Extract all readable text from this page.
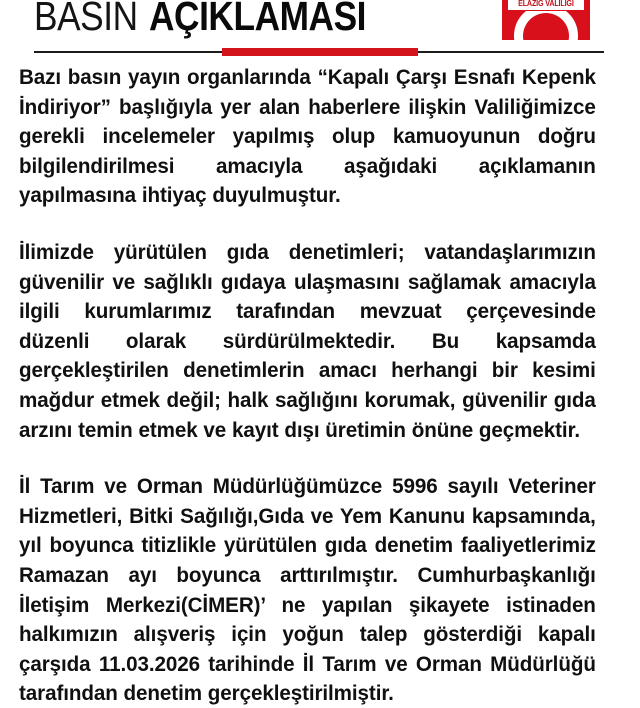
BASIN AÇIKLAMASI	ELAZIĞ VALİLİĞİ

Bazı basın yayın organlarında “Kapalı Çarşı Esnafı Kepenk İndiriyor” başlığıyla yer alan haberlere ilişkin Valiliğimizce gerekli incelemeler yapılmış olup kamuoyunun doğru bilgilendirilmesi amacıyla aşağıdaki açıklamanın yapılmasına ihtiyaç duyulmuştur.

İlimizde yürütülen gıda denetimleri; vatandaşlarımızın güvenilir ve sağlıklı gıdaya ulaşmasını sağlamak amacıyla ilgili kurumlarımız tarafından mevzuat çerçevesinde düzenli olarak sürdürülmektedir. Bu kapsamda gerçekleştirilen denetimlerin amacı herhangi bir kesimi mağdur etmek değil; halk sağlığını korumak, güvenilir gıda arzını temin etmek ve kayıt dışı üretimin önüne geçmektir.

İl Tarım ve Orman Müdürlüğümüzce 5996 sayılı Veteriner Hizmetleri, Bitki Sağılığı,Gıda ve Yem Kanunu kapsamında, yıl boyunca titizlikle yürütülen gıda denetim faaliyetlerimiz Ramazan ayı boyunca arttırılmıştır. Cumhurbaşkanlığı İletişim Merkezi(CİMER)’ ne yapılan şikayete istinaden halkımızın alışveriş için yoğun talep gösterdiği kapalı çarşıda 11.03.2026 tarihinde İl Tarım ve Orman Müdürlüğü tarafından denetim gerçekleştirilmiştir.
